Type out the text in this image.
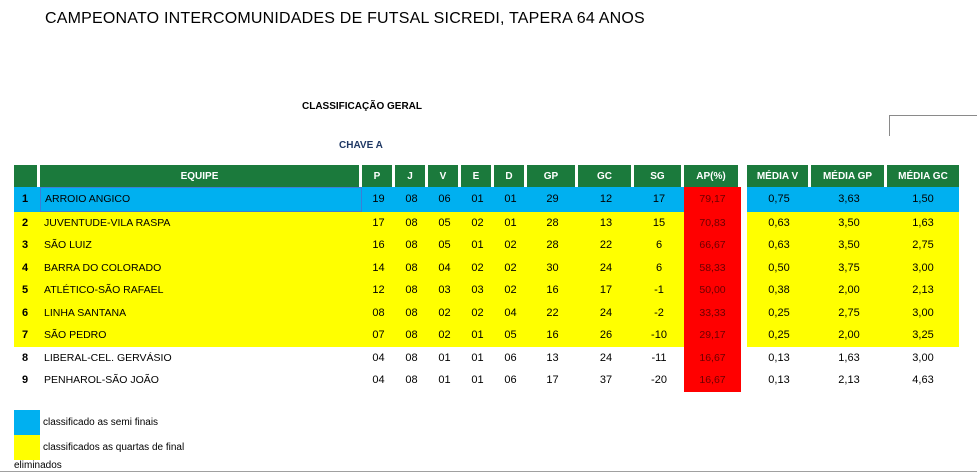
CAMPEONATO INTERCOMUNIDADES DE FUTSAL SICREDI, TAPERA 64 ANOS
CLASSIFICAÇÃO GERAL
CHAVE A
	EQUIPE	P	J	V	E	D	GP	GC	SG	AP(%)		MÉDIA V	MÉDIA GP	MÉDIA GC
1	ARROIO ANGICO	19	08	06	01	01	29	12	17	79,17		0,75	3,63	1,50
2	JUVENTUDE-VILA RASPA	17	08	05	02	01	28	13	15	70,83		0,63	3,50	1,63
3	SÃO LUIZ	16	08	05	01	02	28	22	6	66,67		0,63	3,50	2,75
4	BARRA DO COLORADO	14	08	04	02	02	30	24	6	58,33		0,50	3,75	3,00
5	ATLÉTICO-SÃO RAFAEL	12	08	03	03	02	16	17	-1	50,00		0,38	2,00	2,13
6	LINHA SANTANA	08	08	02	02	04	22	24	-2	33,33		0,25	2,75	3,00
7	SÃO PEDRO	07	08	02	01	05	16	26	-10	29,17		0,25	2,00	3,25
8	LIBERAL-CEL. GERVÁSIO	04	08	01	01	06	13	24	-11	16,67		0,13	1,63	3,00
9	PENHAROL-SÃO JOÃO	04	08	01	01	06	17	37	-20	16,67		0,13	2,13	4,63
classificado as semi finais
classificados as quartas de final
eliminados
